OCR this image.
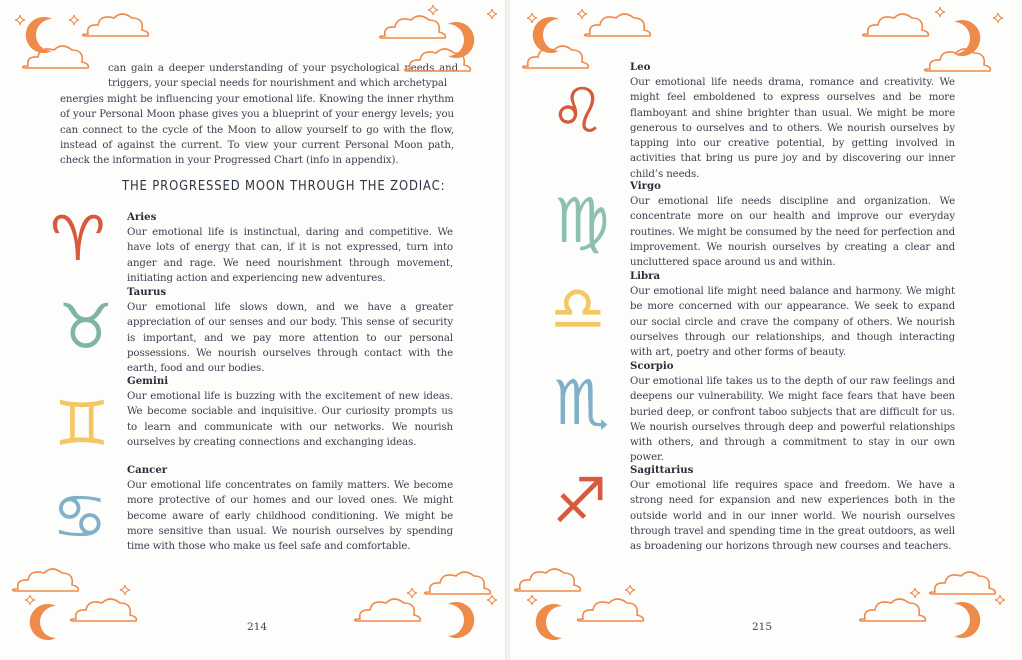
can gain a deeper understanding of your psychological needs and triggers, your special needs for nourishment and which archetypal
energies might be influencing your emotional life. Knowing the inner rhythm of your Personal Moon phase gives you a blueprint of your energy levels; you can connect to the cycle of the Moon to allow yourself to go with the flow, instead of against the current. To view your current Personal Moon path, check the information in your Progressed Chart (info in appendix).
THE PROGRESSED MOON THROUGH THE ZODIAC:
♈︎ Aries

Our emotional life is instinctual, daring and competitive. We have lots of energy that can, if it is not expressed, turn into anger and rage. We need nourishment through movement, initiating action and experiencing new adventures.

♉︎ Taurus

Our emotional life slows down, and we have a greater appreciation of our senses and our body. This sense of security is important, and we pay more attention to our personal possessions. We nourish ourselves through contact with the earth, food and our bodies.

♊︎
Gemini

Our emotional life is buzzing with the excitement of new ideas. We become sociable and inquisitive. Our curiosity prompts us to learn and communicate with our networks. We nourish ourselves by creating connections and exchanging ideas.

♋︎
Cancer

Our emotional life concentrates on family matters. We become more protective of our homes and our loved ones. We might become aware of early childhood conditioning. We might be more sensitive than usual. We nourish ourselves by spending time with those who make us feel safe and comfortable.

214
♌︎
Leo

Our emotional life needs drama, romance and creativity. We might feel emboldened to express ourselves and be more flamboyant and shine brighter than usual. We might be more generous to ourselves and to others. We nourish ourselves by tapping into our creative potential, by getting involved in activities that bring us pure joy and by discovering our inner child’s needs.

♍︎ Virgo

Our emotional life needs discipline and organization. We concentrate more on our health and improve our everyday routines. We might be consumed by the need for perfection and improvement. We nourish ourselves by creating a clear and uncluttered space around us and within.

♎︎ Libra

Our emotional life might need balance and harmony. We might be more concerned with our appearance. We seek to expand our social circle and crave the company of others. We nourish ourselves through our relationships, and though interacting with art, poetry and other forms of beauty.

♏︎ Scorpio

Our emotional life takes us to the depth of our raw feelings and deepens our vulnerability. We might face fears that have been buried deep, or confront taboo subjects that are difficult for us. We nourish ourselves through deep and powerful relationships with others, and through a commitment to stay in our own power.

♐︎ Sagittarius

Our emotional life requires space and freedom. We have a strong need for expansion and new experiences both in the outside world and in our inner world. We nourish ourselves through travel and spending time in the great outdoors, as well as broadening our horizons through new courses and teachers.

215
